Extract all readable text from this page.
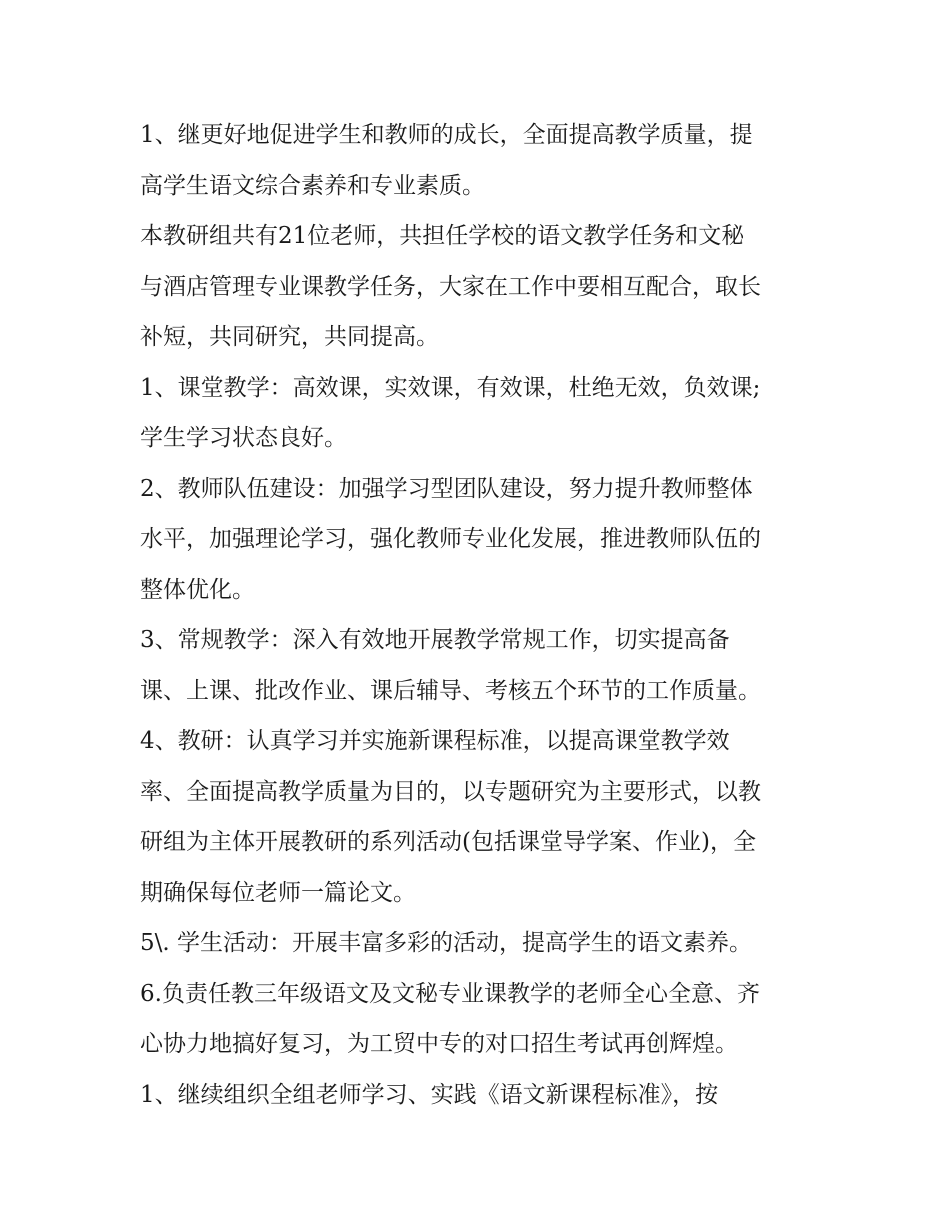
1、继更好地促进学生和教师的成长，全面提高教学质量，提

高学生语文综合素养和专业素质。

本教研组共有21位老师，共担任学校的语文教学任务和文秘

与酒店管理专业课教学任务，大家在工作中要相互配合，取长

补短，共同研究，共同提高。

1、课堂教学：高效课，实效课，有效课，杜绝无效，负效课;

学生学习状态良好。

2、教师队伍建设：加强学习型团队建设，努力提升教师整体

水平，加强理论学习，强化教师专业化发展，推进教师队伍的

整体优化。

3、常规教学：深入有效地开展教学常规工作，切实提高备

课、上课、批改作业、课后辅导、考核五个环节的工作质量。

4、教研：认真学习并实施新课程标准，以提高课堂教学效

率、全面提高教学质量为目的，以专题研究为主要形式，以教

研组为主体开展教研的系列活动(包括课堂导学案、作业)，全

期确保每位老师一篇论文。

5\. 学生活动：开展丰富多彩的活动，提高学生的语文素养。

6.负责任教三年级语文及文秘专业课教学的老师全心全意、齐

心协力地搞好复习，为工贸中专的对口招生考试再创辉煌。

1、继续组织全组老师学习、实践《语文新课程标准》，按
